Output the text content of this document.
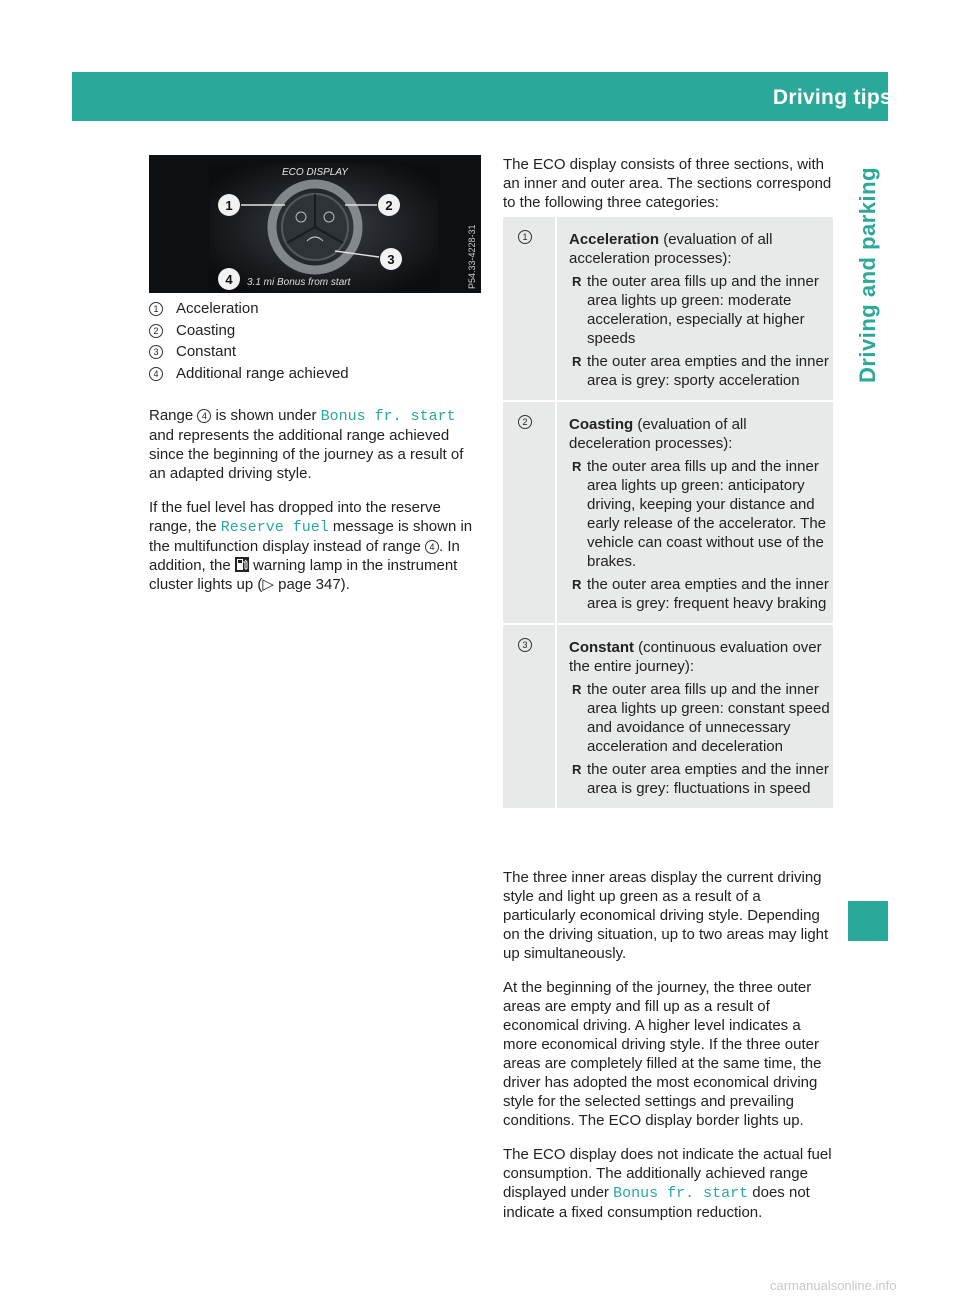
Driving tips 195
Driving and parking
ECO DISPLAY
1	2
3
4 3.1 mi Bonus from start	P54.33-4228-31
1	Acceleration
2	Coasting
3	Constant
4	Additional range achieved

Range 4 is shown under Bonus fr. start and represents the additional range achieved since the beginning of the journey as a result of an adapted driving style.

If the fuel level has dropped into the reserve range, the Reserve fuel message is shown in the multifunction display instead of range 4 . In addition, the  warning lamp in the instrument cluster lights up (▷ page 347).

The ECO display consists of three sections, with an inner and outer area. The sections correspond to the following three categories:
1	Acceleration (evaluation of all acceleration processes):
R the outer area fills up and the inner area lights up green: moderate acceleration, especially at higher speeds
R the outer area empties and the inner area is grey: sporty acceleration
2	Coasting (evaluation of all deceleration processes):
R the outer area fills up and the inner area lights up green: anticipatory driving, keeping your distance and early release of the accelerator. The vehicle can coast without use of the brakes.
R the outer area empties and the inner area is grey: frequent heavy braking
3	Constant (continuous evaluation over the entire journey):
R the outer area fills up and the inner area lights up green: constant speed and avoidance of unnecessary acceleration and deceleration
R the outer area empties and the inner area is grey: fluctuations in speed

The three inner areas display the current driving style and light up green as a result of a particularly economical driving style. Depending on the driving situation, up to two areas may light up simultaneously.

At the beginning of the journey, the three outer areas are empty and fill up as a result of economical driving. A higher level indicates a more economical driving style. If the three outer areas are completely filled at the same time, the driver has adopted the most economical driving style for the selected settings and prevailing conditions. The ECO display border lights up.

The ECO display does not indicate the actual fuel consumption. The additionally achieved range displayed under Bonus fr. start does not indicate a fixed consumption reduction.

carmanualsonline.info
